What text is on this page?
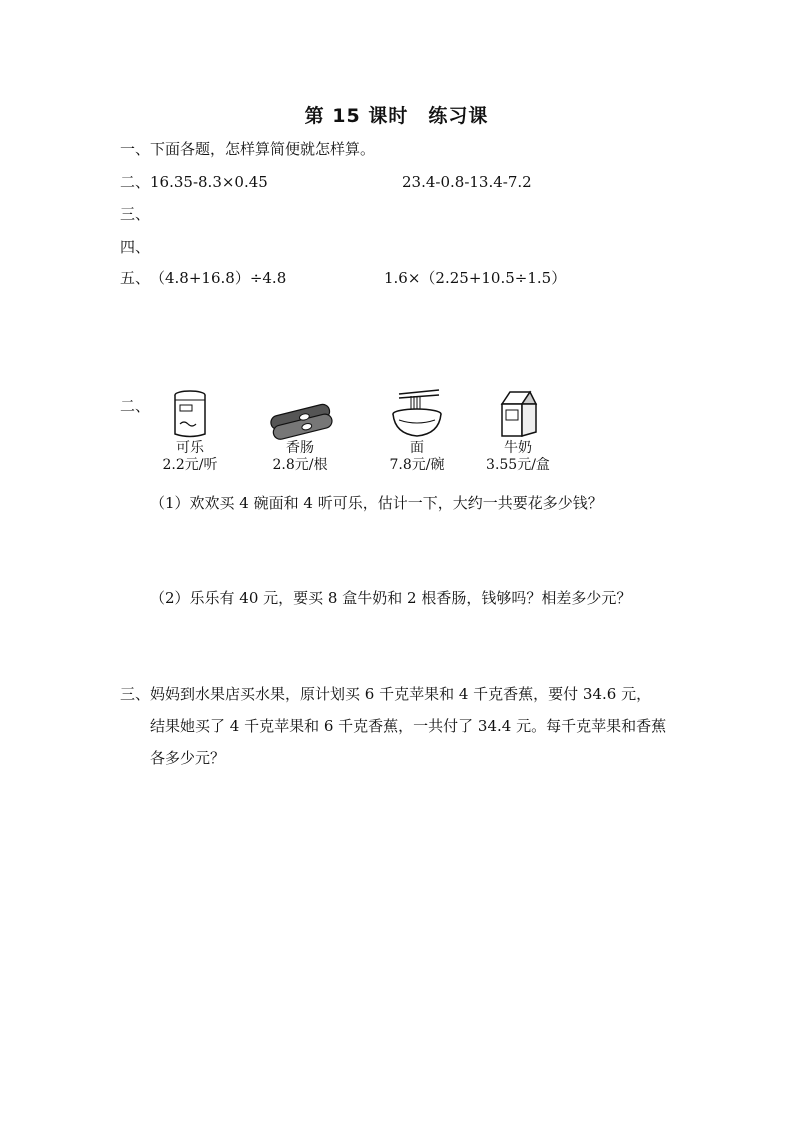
第 15 课时　练习课
一、下面各题，怎样算简便就怎样算。
二、 16.35-8.3×0.45	23.4-0.8-13.4-7.2
三、
四、
五、 （4.8+16.8）÷4.8	1.6×（2.25+10.5÷1.5）
二、
可乐
2.2元/听
香肠
2.8元/根
面
7.8元/碗
牛奶
3.55元/盒
（1）欢欢买 4 碗面和 4 听可乐，估计一下，大约一共要花多少钱？
（2）乐乐有 40 元，要买 8 盒牛奶和 2 根香肠，钱够吗？相差多少元？
三、妈妈到水果店买水果，原计划买 6 千克苹果和 4 千克香蕉，要付 34.6 元，
结果她买了 4 千克苹果和 6 千克香蕉，一共付了 34.4 元。每千克苹果和香蕉
各多少元？
